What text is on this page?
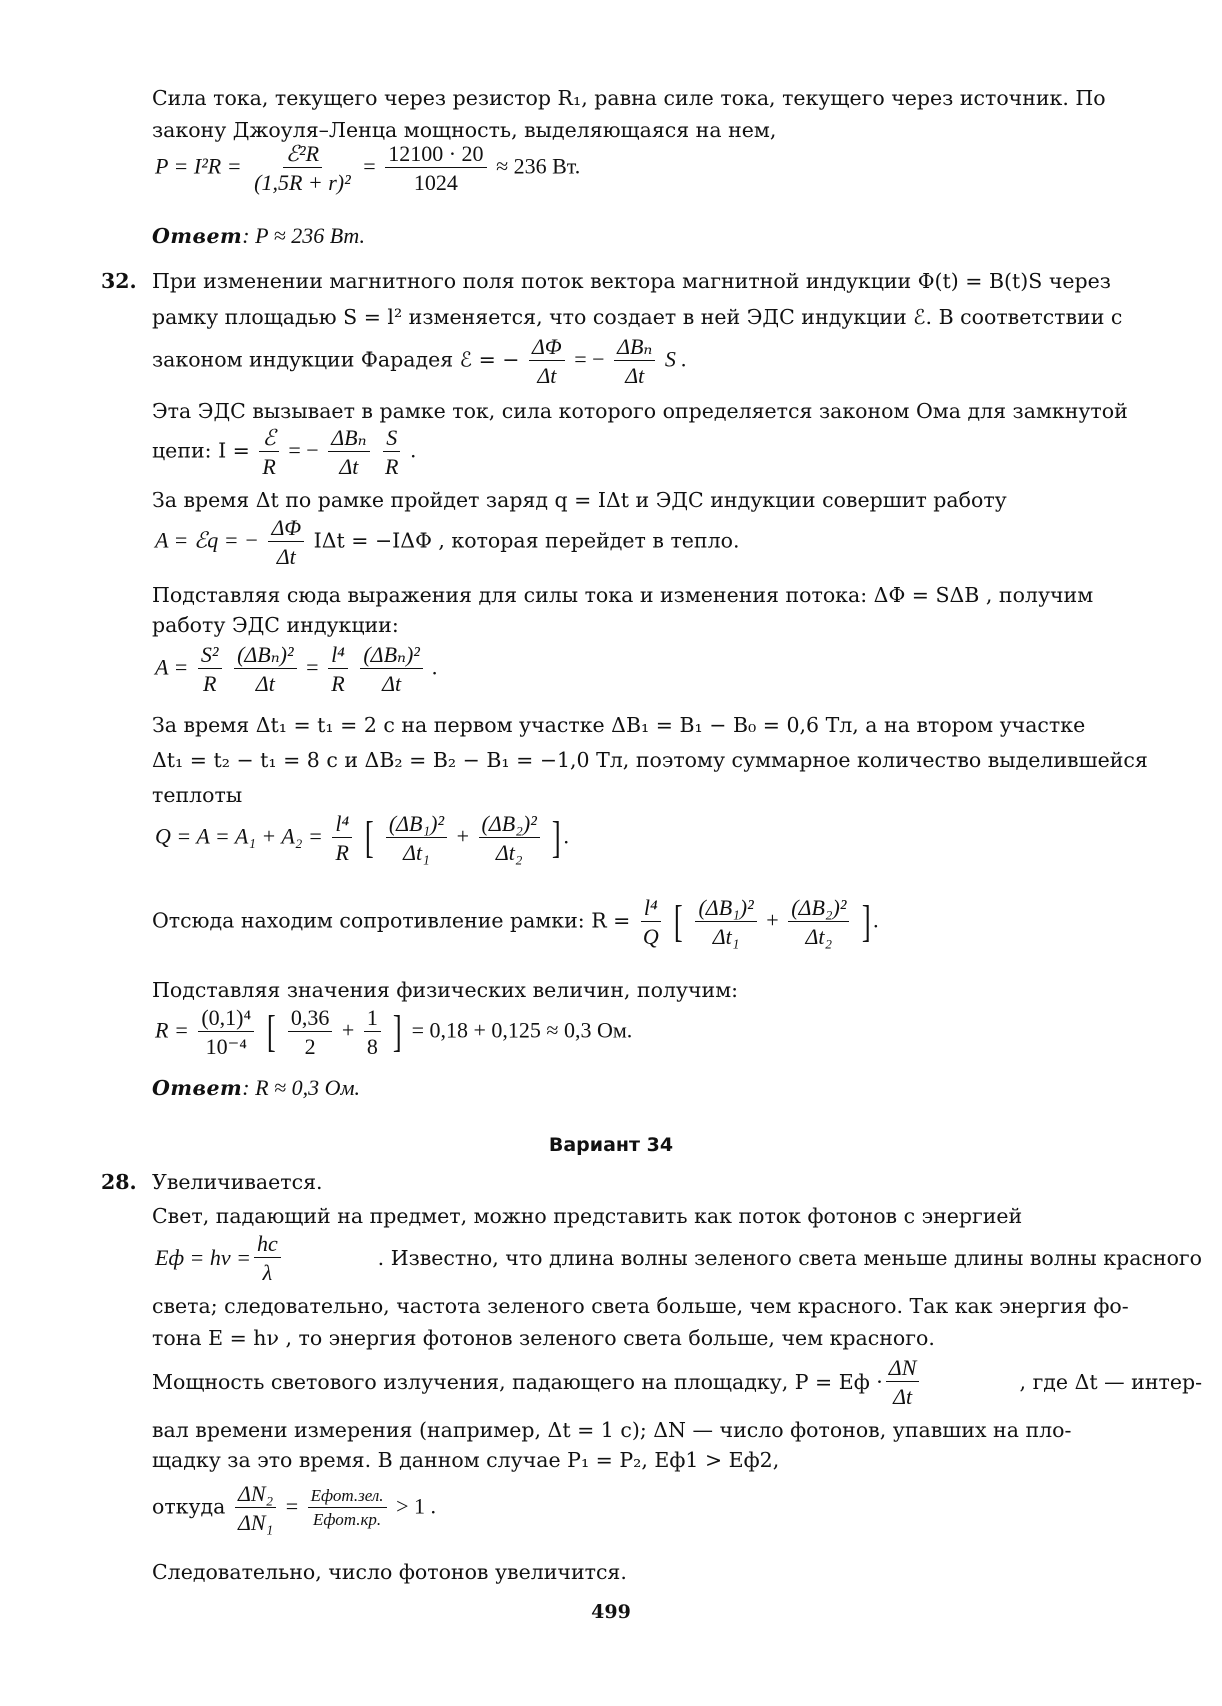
Сила тока, текущего через резистор R₁, равна силе тока, текущего через источник. По
закону Джоуля–Ленца мощность, выделяющаяся на нем,
$P = I^2R = \frac{\text{ℰ²R}}{\text{(1,5R + r)²}} = \frac{12100 \cdot 20}{1024} \approx 236$ Вт.
Ответ: P ≈ 236 Вт.
32. При изменении магнитного поля поток вектора магнитной индукции Φ(t) = B(t)S через
рамку площадью S = l² изменяется, что создает в ней ЭДС индукции ℰ. В соответствии с
законом индукции Фарадея ℰ = − $\frac{\Delta\Phi}{\Delta t}$ = − $\frac{\text{ΔBₙ}}{\Delta t}$ S .
Эта ЭДС вызывает в рамке ток, сила которого определяется законом Ома для замкнутой
цепи: $I = \frac{\text{ℰ}}{R}$ = − $\frac{\text{ΔBₙ}}{\Delta t}$
$\frac{S}{R}$ .
За время Δt по рамке пройдет заряд q = IΔt и ЭДС индукции совершит работу
A = ℰq = − $\frac{\Delta\Phi}{\Delta t}$ IΔt = −IΔΦ , которая перейдет в тепло.
Подставляя сюда выражения для силы тока и изменения потока: ΔΦ = SΔB , получим
работу ЭДС индукции:
$A = \frac{\text{S²}}{R}$
$\frac{\text{(ΔBₙ)²}}{\Delta t} = \frac{\text{l⁴}}{R}$
$\frac{\text{(ΔBₙ)²}}{\Delta t}$ .
За время Δt₁ = t₁ = 2 с на первом участке ΔB₁ = B₁ − B₀ = 0,6 Тл, а на втором участке
Δt₁ = t₂ − t₁ = 8 с и ΔB₂ = B₂ − B₁ = −1,0 Тл, поэтому суммарное количество выделившейся
теплоты
$Q = A = A_1 + A_2 = \frac{\text{l⁴}}{R}$ [ $\frac{\text{(ΔB₁)²}}{\text{Δt₁}} + \frac{\text{(ΔB₂)²}}{\text{Δt₂}}$ ] .
Отсюда находим сопротивление рамки: $R = \frac{\text{l⁴}}{Q}$ [ $\frac{\text{(ΔB₁)²}}{\text{Δt₁}} + \frac{\text{(ΔB₂)²}}{\text{Δt₂}}$ ] .
Подставляя значения физических величин, получим:
$R = \frac{\text{(0,1)⁴}}{\text{10⁻⁴}}$ [ $\frac{0,36}{2} + \frac{1}{8}$ ] = 0,18 + 0,125 ≈ 0,3 Ом.
Ответ: R ≈ 0,3 Ом.
Вариант 34
28. Увеличивается.
Свет, падающий на предмет, можно представить как поток фотонов с энергией
Eф = $h\nu = \frac{hc}{\lambda}$	. Известно, что длина волны зеленого света меньше длины волны красного
света; следовательно, частота зеленого света больше, чем красного. Так как энергия фо-
тона E = hν , то энергия фотонов зеленого света больше, чем красного.
Мощность светового излучения, падающего на площадку, P = Eф · $\frac{\Delta N}{\Delta t}$	, где Δt — интер-
вал времени измерения (например, Δt = 1 с); ΔN — число фотонов, упавших на пло-
щадку за это время. В данном случае P₁ = P₂, Eф1 > Eф2,
откуда $\frac{\text{ΔN₂}}{\text{ΔN₁}} = \frac{\text{Eфот.зел.}}{\text{Eфот.кр.}} > 1$ .
Следовательно, число фотонов увеличится.
499
